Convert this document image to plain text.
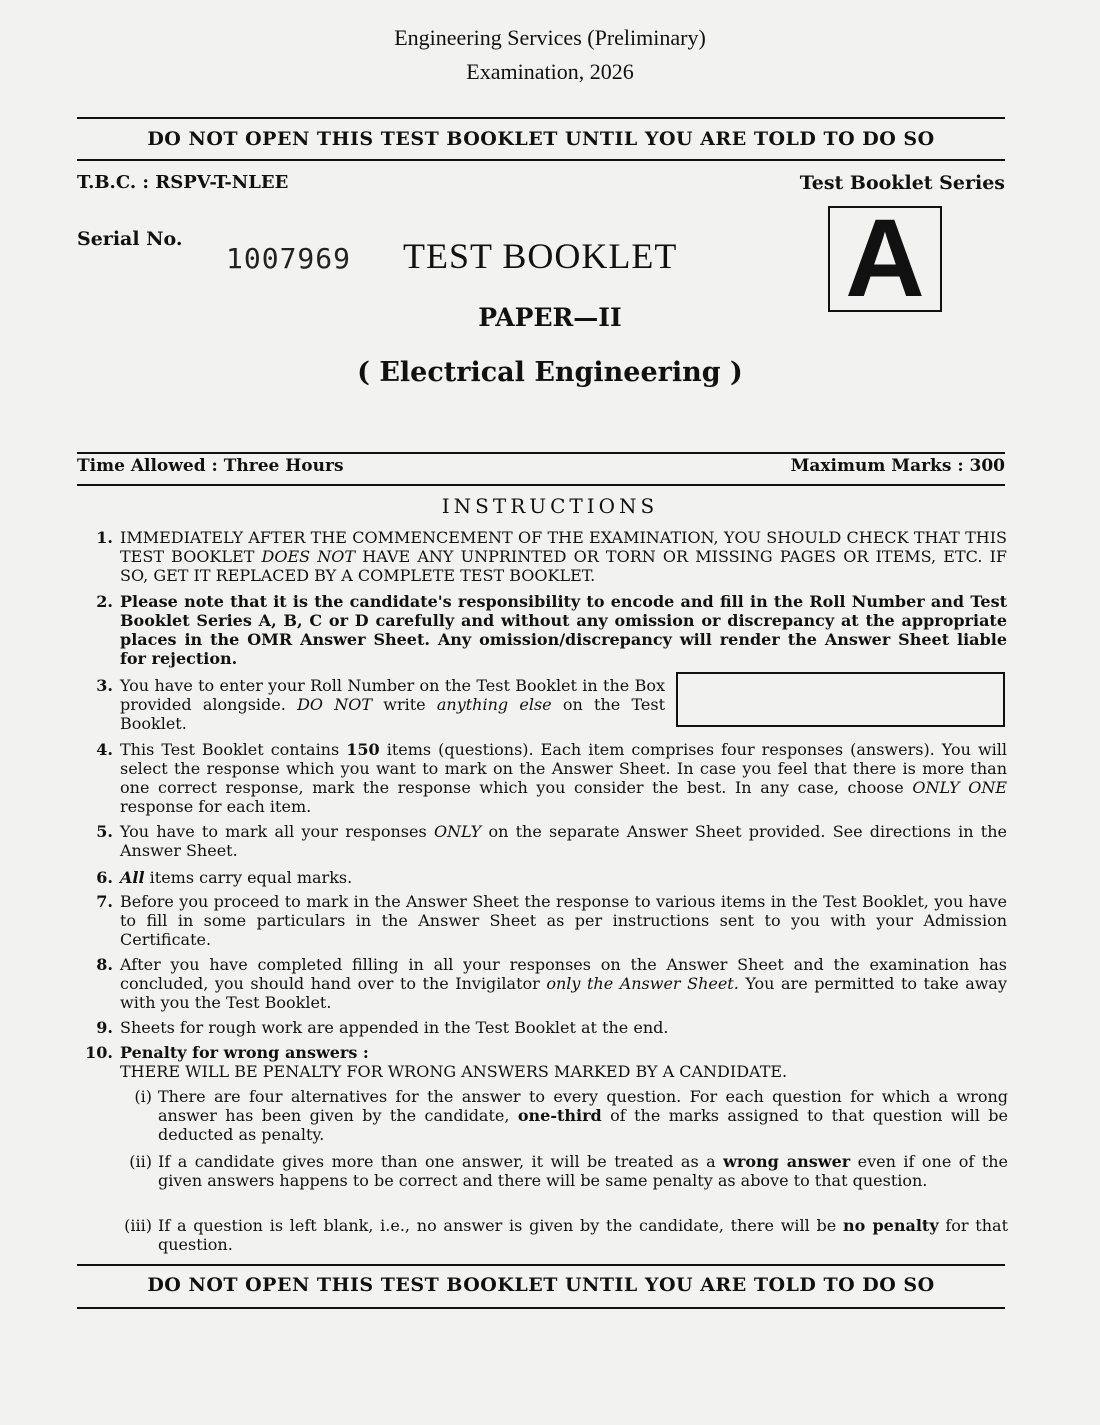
Engineering Services (Preliminary)
Examination, 2026
DO NOT OPEN THIS TEST BOOKLET UNTIL YOU ARE TOLD TO DO SO
T.B.C. : RSPV-T-NLEE	Test Booklet Series
Serial No.
1007969 TEST BOOKLET A
PAPER—II
( Electrical Engineering )
Time Allowed : Three Hours	Maximum Marks : 300
INSTRUCTIONS
1. IMMEDIATELY AFTER THE COMMENCEMENT OF THE EXAMINATION, YOU SHOULD CHECK THAT THIS TEST BOOKLET DOES NOT HAVE ANY UNPRINTED OR TORN OR MISSING PAGES OR ITEMS, ETC. IF SO, GET IT REPLACED BY A COMPLETE TEST BOOKLET.
2. Please note that it is the candidate's responsibility to encode and fill in the Roll Number and Test Booklet Series A, B, C or D carefully and without any omission or discrepancy at the appropriate places in the OMR Answer Sheet. Any omission/discrepancy will render the Answer Sheet liable for rejection.
3. You have to enter your Roll Number on the Test Booklet in the Box provided alongside. DO NOT write anything else on the Test Booklet.
4. This Test Booklet contains 150 items (questions). Each item comprises four responses (answers). You will select the response which you want to mark on the Answer Sheet. In case you feel that there is more than one correct response, mark the response which you consider the best. In any case, choose ONLY ONE response for each item.
5. You have to mark all your responses ONLY on the separate Answer Sheet provided. See directions in the Answer Sheet.
6. All items carry equal marks.
7. Before you proceed to mark in the Answer Sheet the response to various items in the Test Booklet, you have to fill in some particulars in the Answer Sheet as per instructions sent to you with your Admission Certificate.
8. After you have completed filling in all your responses on the Answer Sheet and the examination has concluded, you should hand over to the Invigilator only the Answer Sheet. You are permitted to take away with you the Test Booklet.
9. Sheets for rough work are appended in the Test Booklet at the end.
10. Penalty for wrong answers :
THERE WILL BE PENALTY FOR WRONG ANSWERS MARKED BY A CANDIDATE.
(i) There are four alternatives for the answer to every question. For each question for which a wrong answer has been given by the candidate, one-third of the marks assigned to that question will be deducted as penalty.
(ii) If a candidate gives more than one answer, it will be treated as a wrong answer even if one of the given answers happens to be correct and there will be same penalty as above to that question.
(iii) If a question is left blank, i.e., no answer is given by the candidate, there will be no penalty for that question.
DO NOT OPEN THIS TEST BOOKLET UNTIL YOU ARE TOLD TO DO SO
